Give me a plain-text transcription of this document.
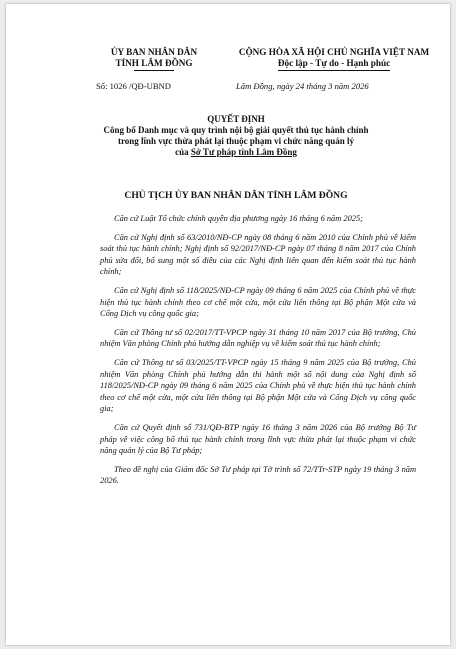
ỦY BAN NHÂN DÂN
TỈNH LÂM ĐỒNG
CỘNG HÒA XÃ HỘI CHỦ NGHĨA VIỆT NAM
Độc lập - Tự do - Hạnh phúc
Số: 1026 /QĐ-UBND	Lâm Đồng, ngày 24 tháng 3 năm 2026
QUYẾT ĐỊNH
Công bố Danh mục và quy trình nội bộ giải quyết thủ tục hành chính
trong lĩnh vực thừa phát lại thuộc phạm vi chức năng quản lý
của Sở Tư pháp tỉnh Lâm Đồng
CHỦ TỊCH ỦY BAN NHÂN DÂN TỈNH LÂM ĐỒNG

Căn cứ Luật Tổ chức chính quyền địa phương ngày 16 tháng 6 năm 2025;

Căn cứ Nghị định số 63/2010/NĐ-CP ngày 08 tháng 6 năm 2010 của Chính phủ về kiểm soát thủ tục hành chính; Nghị định số 92/2017/NĐ-CP ngày 07 tháng 8 năm 2017 của Chính phủ sửa đổi, bổ sung một số điều của các Nghị định liên quan đến kiểm soát thủ tục hành chính;

Căn cứ Nghị định số 118/2025/NĐ-CP ngày 09 tháng 6 năm 2025 của Chính phủ về thực hiện thủ tục hành chính theo cơ chế một cửa, một cửa liên thông tại Bộ phận Một cửa và Cổng Dịch vụ công quốc gia;

Căn cứ Thông tư số 02/2017/TT-VPCP ngày 31 tháng 10 năm 2017 của Bộ trưởng, Chủ nhiệm Văn phòng Chính phủ hướng dẫn nghiệp vụ về kiểm soát thủ tục hành chính;

Căn cứ Thông tư số 03/2025/TT-VPCP ngày 15 tháng 9 năm 2025 của Bộ trưởng, Chủ nhiệm Văn phòng Chính phủ hướng dẫn thi hành một số nội dung của Nghị định số 118/2025/NĐ-CP ngày 09 tháng 6 năm 2025 của Chính phủ về thực hiện thủ tục hành chính theo cơ chế một cửa, một cửa liên thông tại Bộ phận Một cửa và Cổng Dịch vụ công quốc gia;

Căn cứ Quyết định số 731/QĐ-BTP ngày 16 tháng 3 năm 2026 của Bộ trưởng Bộ Tư pháp về việc công bố thủ tục hành chính trong lĩnh vực thừa phát lại thuộc phạm vi chức năng quản lý của Bộ Tư pháp;

Theo đề nghị của Giám đốc Sở Tư pháp tại Tờ trình số 72/TTr-STP ngày 19 tháng 3 năm 2026.
